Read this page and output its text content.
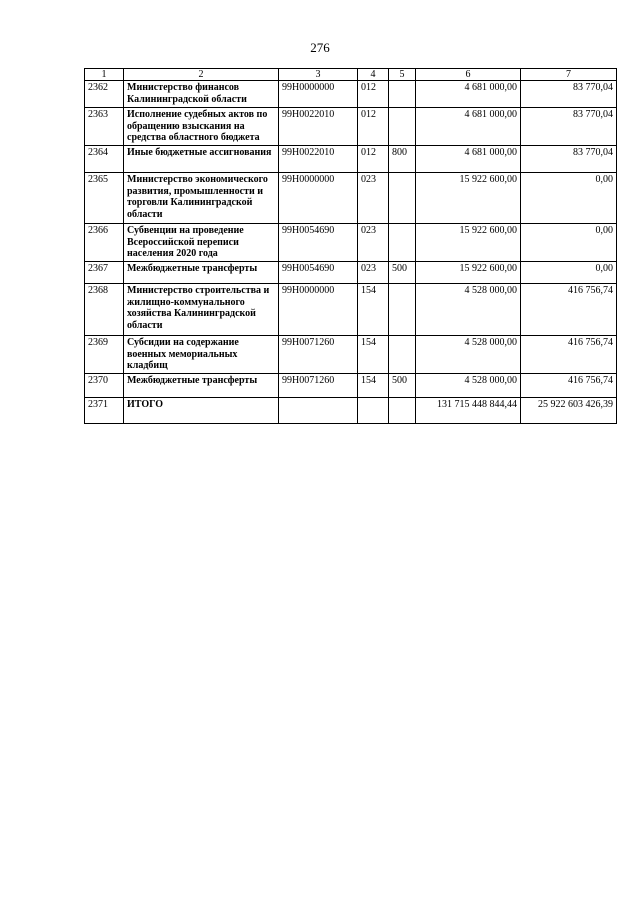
276
1	2	3	4	5	6	7
2362	Министерство финансов Калининградской области	99Н0000000	012		4 681 000,00	83 770,04
2363	Исполнение судебных актов по обращению взыскания на средства областного бюджета	99Н0022010	012		4 681 000,00	83 770,04
2364	Иные бюджетные ассигнования	99Н0022010	012	800	4 681 000,00	83 770,04
2365	Министерство экономического развития, промышленности и торговли Калининградской области	99Н0000000	023		15 922 600,00	0,00
2366	Субвенции на проведение Всероссийской переписи населения 2020 года	99Н0054690	023		15 922 600,00	0,00
2367	Межбюджетные трансферты	99Н0054690	023	500	15 922 600,00	0,00
2368	Министерство строительства и жилищно-коммунального хозяйства Калининградской области	99Н0000000	154		4 528 000,00	416 756,74
2369	Субсидии на содержание военных мемориальных кладбищ	99Н0071260	154		4 528 000,00	416 756,74
2370	Межбюджетные трансферты	99Н0071260	154	500	4 528 000,00	416 756,74
2371	ИТОГО				131 715 448 844,44	25 922 603 426,39
